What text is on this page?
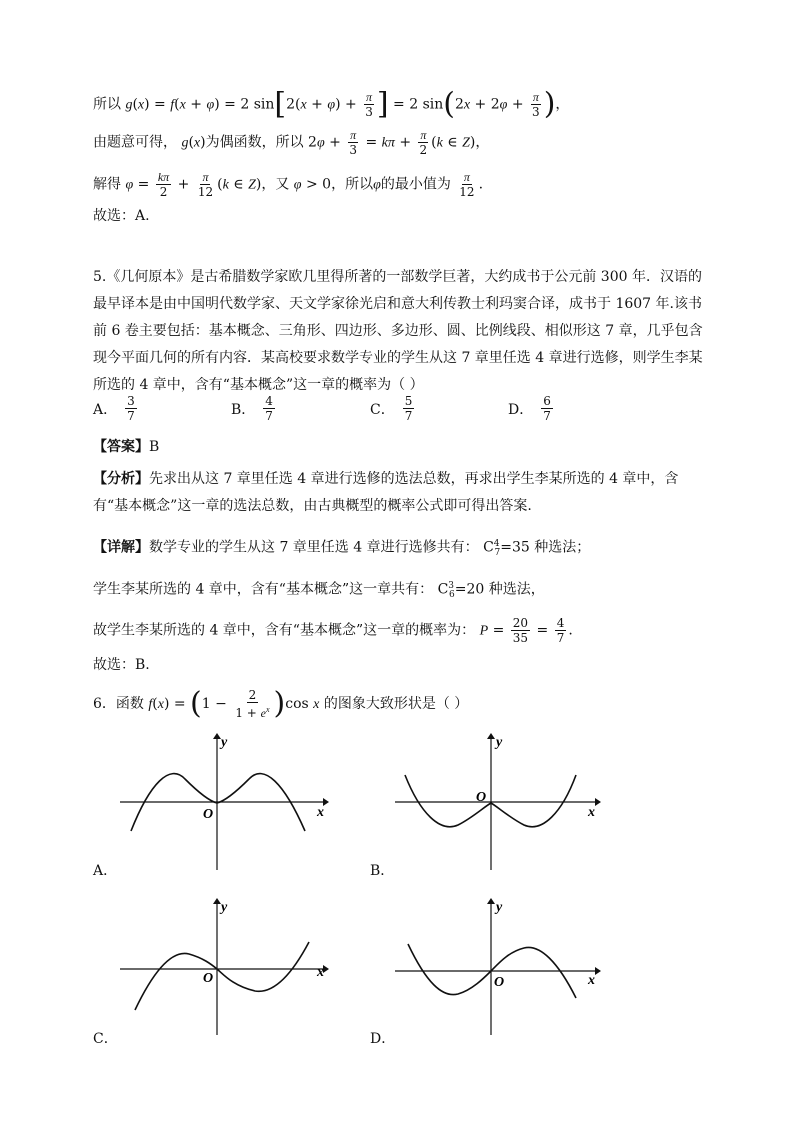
所以 g(x) = f(x + φ) = 2 $\sin[2(x + \varphi) + \frac{\pi}{3}$ ] = 2 $\sin(2x + 2\varphi + \frac{\pi}{3}$ )，
由题意可得， g(x)为偶函数，所以 $2\varphi + \frac{\pi}{3} = k\pi + \frac{\pi}{2} (k$ ∈ Z)，
解得 $\varphi = \frac{k\pi}{2} + \frac{\pi}{12} (k$ ∈ Z)，又 φ > 0，所以φ的最小值为 $\frac{\pi}{12}$ .
故选：A.
5.《几何原本》是古希腊数学家欧几里得所著的一部数学巨著，大约成书于公元前 300 年．汉语的最早译本是由中国明代数学家、天文学家徐光启和意大利传教士利玛窦合译，成书于 1607 年.该书前 6 卷主要包括：基本概念、三角形、四边形、多边形、圆、比例线段、相似形这 7 章，几乎包含现今平面几何的所有内容．某高校要求数学专业的学生从这 7 章里任选 4 章进行选修，则学生李某所选的 4 章中，含有“基本概念”这一章的概率为（ ）
A． $\frac{3}{7}$	B． $\frac{4}{7}$	C． $\frac{5}{7}$	D． $\frac{6}{7}$
【答案】B
【分析】先求出从这 7 章里任选 4 章进行选修的选法总数，再求出学生李某所选的 4 章中，含有“基本概念”这一章的选法总数，由古典概型的概率公式即可得出答案.
【详解】数学专业的学生从这 7 章里任选 4 章进行选修共有： $C^4_7=35$ 种选法；
学生李某所选的 4 章中，含有“基本概念”这一章共有： $C^3_6=20$ 种选法，
故学生李某所选的 4 章中，含有“基本概念”这一章的概率为： $P = \frac{20}{35} = \frac{4}{7}$ .
故选：B.
6．函数 $f(x) = (1 - \frac{2}{1 + e^x} )\cos$ x 的图象大致形状是（ ）
y
x
O
A．
y
x
O
B．
y
x
O
C．
y
x
O
D．
